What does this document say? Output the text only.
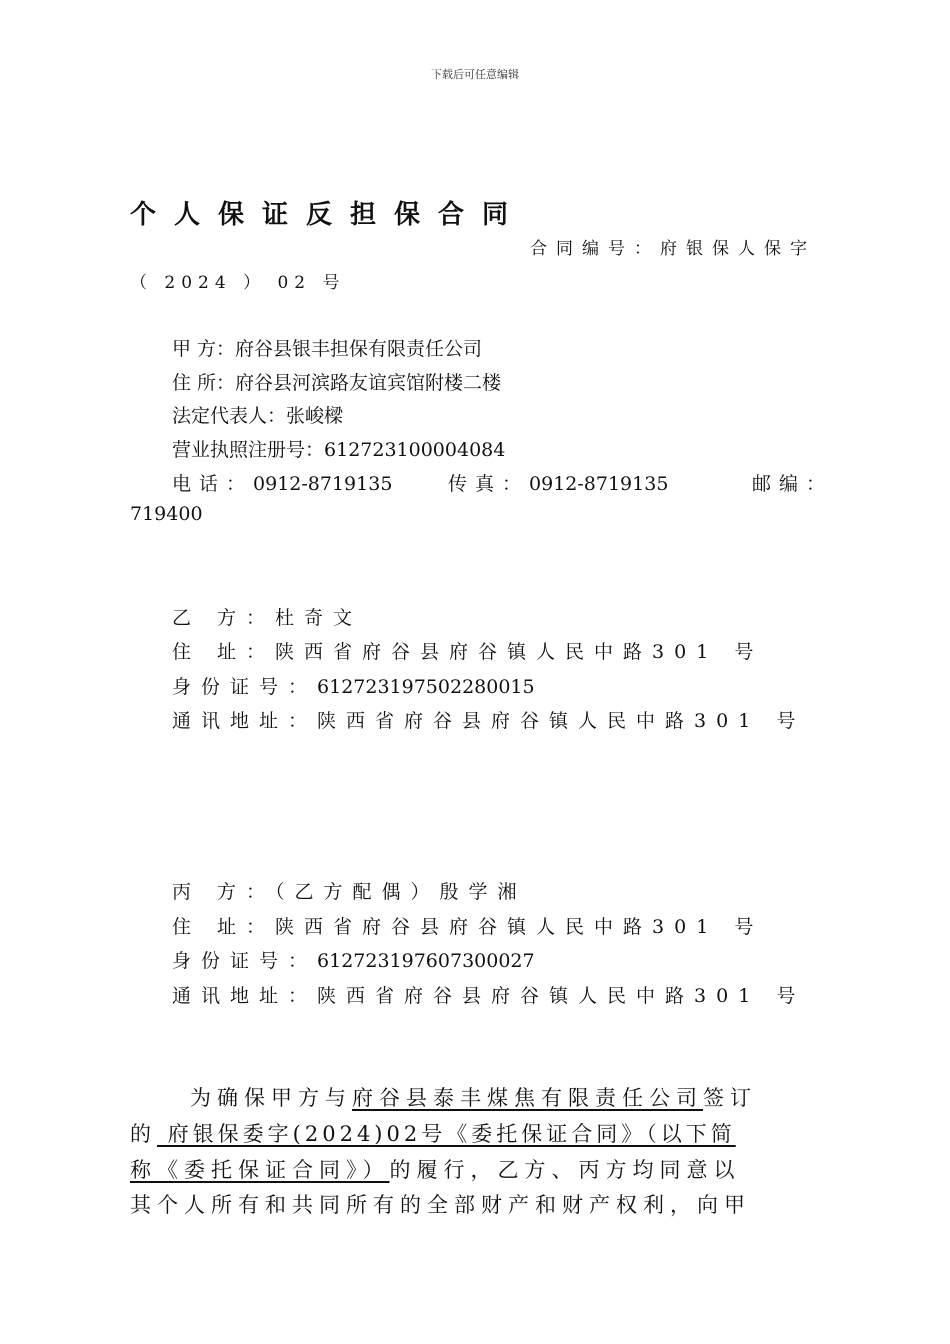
下载后可任意编辑
个人保证反担保合同
合同编号：府银保人保字
（ 2024 ） 02 号
甲 方：府谷县银丰担保有限责任公司
住 所：府谷县河滨路友谊宾馆附楼二楼
法定代表人：张峻樑
营业执照注册号：612723100004084
电话：0912-8719135	传真：0912-8719135	邮编：
719400
乙 方：杜奇文
住 址：陕西省府谷县府谷镇人民中路301 号
身份证号：612723197502280015
通讯地址：陕西省府谷县府谷镇人民中路301 号
丙 方：（乙方配偶）殷学湘
住 址：陕西省府谷县府谷镇人民中路301 号
身份证号：612723197607300027
通讯地址：陕西省府谷县府谷镇人民中路301 号
为确保甲方与府谷县泰丰煤焦有限责任公司签订
的 府银保委字(2024)02号《委托保证合同》（以下简
称《委托保证合同》）的履行，乙方、丙方均同意以
其个人所有和共同所有的全部财产和财产权利，向甲
